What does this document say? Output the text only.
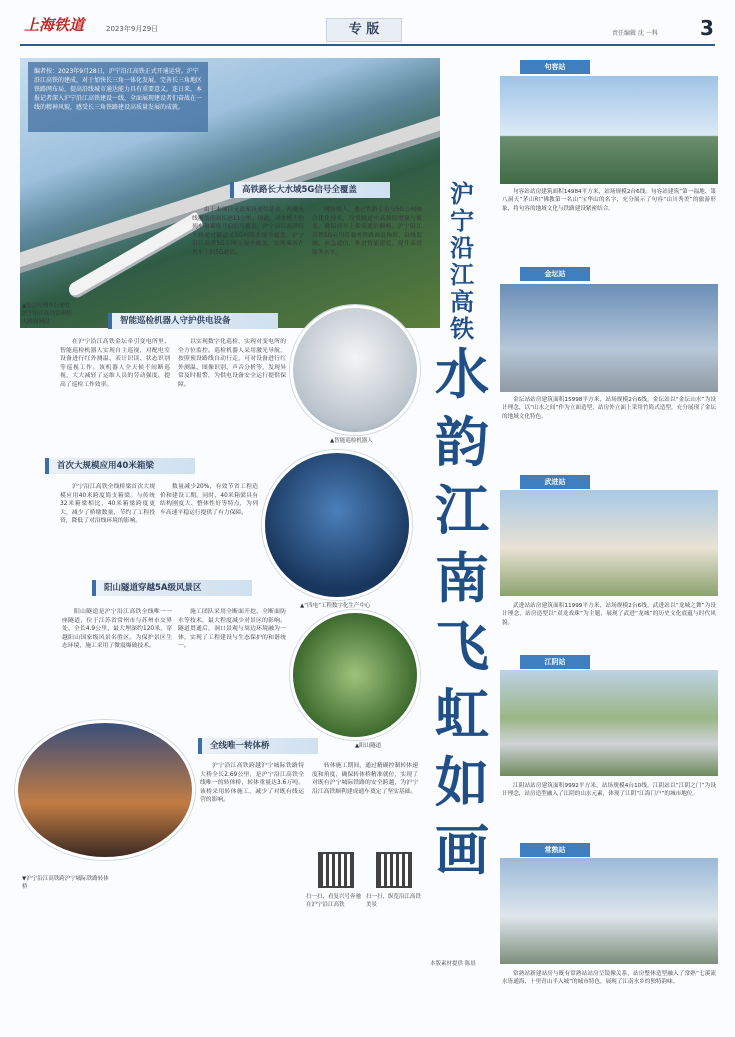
上海铁道	2023年9月29日	专 版	责任编辑 沈 一科 3
编者按：2023年9月28日，沪宁沿江高铁正式开通运营。沪宁沿江高铁的建成，对于加快长三角一体化发展，完善长三角地区铁路网布局，提高沿线城市通达能力具有重要意义。连日来，本报记者深入沪宁沿江高铁建设一线，全面展现建设者们奋战在一线的精神风貌，感受长三角铁路建设高质量发展的成就。
▲复兴号列车行驶在沪宁沿江高铁常州特大桥润洲段
沪宁沿江高铁
水韵江南飞虹如画
高铁路长大水域5G信号全覆盖
由于本项目无法架设通信基站，两侧无线覆盖范围长达11公里。因此，对水域上的列车和乘客开启信号覆盖。沪宁沿江高铁特大桥通过隧道式5G网络实现全覆盖，沪宁沿江高铁5G专网实现全覆盖，实现乘客在列车上的5G通信。
网络接入，通过铁路专用与5G公网融合优化技术，设置隧道中高频段增强与覆盖，确保列车上乘客通信顺畅。沪宁沿江高铁5G应用将服务铁路调度指挥、沿线监测、应急通信，推进智能建造，提升高铁服务水平。
智能巡检机器人守护供电设备
在沪宁沿江高铁金坛牵引变电所里，智能巡检机器人实现自主巡视，对配电室设备进行红外测温、表计识读、状态识别等巡视工作。该机器人全天候不间断巡视，大大减轻了运维人员的劳动强度，提高了巡检工作效率。
以实现数字化巡检，实现对变电所的全方位监控。巡检机器人采用激光导航，按照预设路线自动行走，可对设备进行红外测温、图像识别、声音分析等，发现异常及时报警，为供电设备安全运行提供保障。
▲智能巡检机器人
首次大规模应用40米箱梁
沪宁沿江高铁全线桥梁首次大规模应用40米跨度简支箱梁。与传统32米箱梁相比，40米箱梁跨度更大，减少了桥墩数量，节约了工程投资，降低了对沿线环境的影响。
数量减少20%，有效节省工程造价和建设工期。同时，40米箱梁具有结构刚度大、整体性好等特点，为列车高速平稳运行提供了有力保障。
▲“四电”工程数字化生产中心
阳山隧道穿越5A级风景区
阳山隧道是沪宁沿江高铁全线唯一一座隧道，位于江苏省常州市与苏州市交界处，全长4.9公里，最大埋深约120米，穿越阳山国家级风景名胜区。为保护景区生态环境，施工采用了微震爆破技术。
施工团队采用全断面开挖、全断面防水等技术，最大程度减少对景区的影响。隧道贯通后，洞口景观与周边环境融为一体，实现了工程建设与生态保护的和谐统一。
▲阳山隧道
全线唯一转体桥
沪宁沿江高铁跨越沪宁城际铁路特大桥全长2.69公里，是沪宁沿江高铁全线唯一的转体桥，转体重量达3.6万吨。该桥采用转体施工，减少了对既有线运营的影响。
转体施工期间，通过精确控制转体速度和角度，确保转体桥精准就位，实现了对既有沪宁城际铁路的安全跨越，为沪宁沿江高铁顺利建成通车奠定了坚实基础。
▼沪宁沿江高铁跨沪宁城际铁路转体桥
扫一扫，看复兴号奔驰在沪宁沿江高铁
扫一扫，纵览沿江高铁美景
本版素材提供 陈晨
句容站
句容站站房建筑面积14984平方米，站场规模2台6线。句容站建筑“第一福地、第八洞天”茅山和“佛教第一名山”宝华山的名字，充分展示了句容“山川秀美”的旅游形象，将句容的地域文化与铁路建设紧密结合。
金坛站
金坛站站房建筑面积15998平方米，站场规模2台6线。金坛站以“金坛山水”为设计理念，以“山水之间”作为立面造型，站房外立面上采用竹简式造型，充分展现了金坛的地域文化特色。
武进站
武进站站房建筑面积11999平方米，站场规模2台6线。武进站以“龙城之舞”为设计理念，站房造型以“双龙戏珠”为主题，展现了武进“龙城”的历史文化底蕴与时代风貌。
江阴站
江阴站站房建筑面积9992平方米，站场规模4台10线。江阴站以“江阴之门”为设计理念，站房造型融入了江阴的山水元素，体现了江阴“江海门户”的城市地位。
常熟站
常熟站新建站房与既有常熟站站房呈镜像关系，站房整体造型融入了常熟“七溪流水皆通海，十里青山半入城”的城市特色，展现了江南水乡的独特韵味。
